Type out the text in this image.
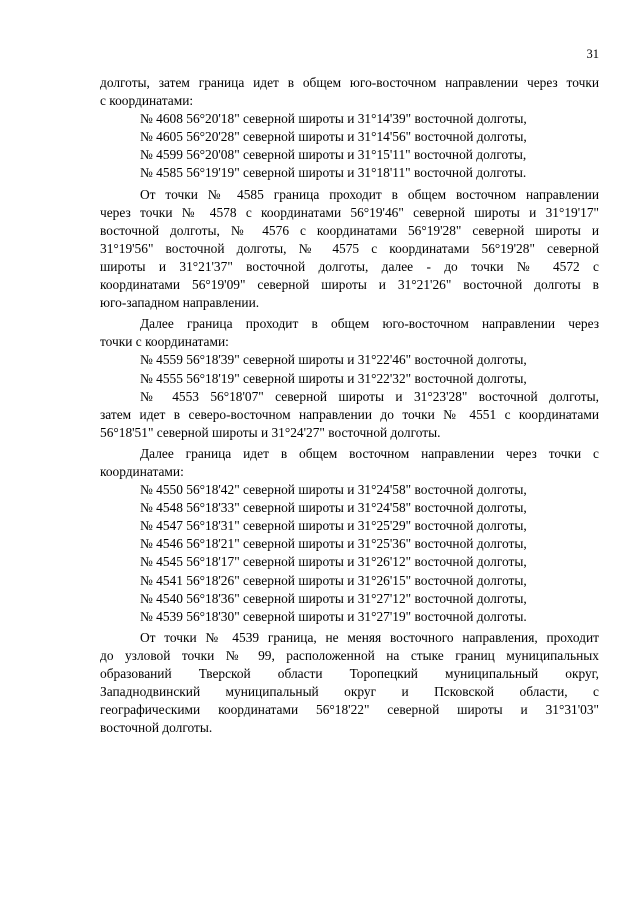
31
долготы, затем граница идет в общем юго-восточном направлении через точки
с координатами:
№ 4608 56°20'18" северной широты и 31°14'39" восточной долготы,
№ 4605 56°20'28" северной широты и 31°14'56" восточной долготы,
№ 4599 56°20'08" северной широты и 31°15'11" восточной долготы,
№ 4585 56°19'19" северной широты и 31°18'11" восточной долготы.
От точки № 4585 граница проходит в общем восточном направлении
через точки № 4578 с координатами 56°19'46" северной широты и 31°19'17"
восточной долготы, № 4576 с координатами 56°19'28" северной широты и
31°19'56" восточной долготы, № 4575 с координатами 56°19'28" северной
широты и 31°21'37" восточной долготы, далее - до точки № 4572 с
координатами 56°19'09" северной широты и 31°21'26" восточной долготы в
юго-западном направлении.
Далее граница проходит в общем юго-восточном направлении через
точки с координатами:
№ 4559 56°18'39" северной широты и 31°22'46" восточной долготы,
№ 4555 56°18'19" северной широты и 31°22'32" восточной долготы,
№ 4553 56°18'07" северной широты и 31°23'28" восточной долготы,
затем идет в северо-восточном направлении до точки № 4551 с координатами
56°18'51" северной широты и 31°24'27" восточной долготы.
Далее граница идет в общем восточном направлении через точки с
координатами:
№ 4550 56°18'42" северной широты и 31°24'58" восточной долготы,
№ 4548 56°18'33" северной широты и 31°24'58" восточной долготы,
№ 4547 56°18'31" северной широты и 31°25'29" восточной долготы,
№ 4546 56°18'21" северной широты и 31°25'36" восточной долготы,
№ 4545 56°18'17" северной широты и 31°26'12" восточной долготы,
№ 4541 56°18'26" северной широты и 31°26'15" восточной долготы,
№ 4540 56°18'36" северной широты и 31°27'12" восточной долготы,
№ 4539 56°18'30" северной широты и 31°27'19" восточной долготы.
От точки № 4539 граница, не меняя восточного направления, проходит
до узловой точки № 99, расположенной на стыке границ муниципальных
образований Тверской области Торопецкий муниципальный округ,
Западнодвинский муниципальный округ и Псковской области, с
географическими координатами 56°18'22" северной широты и 31°31'03"
восточной долготы.
